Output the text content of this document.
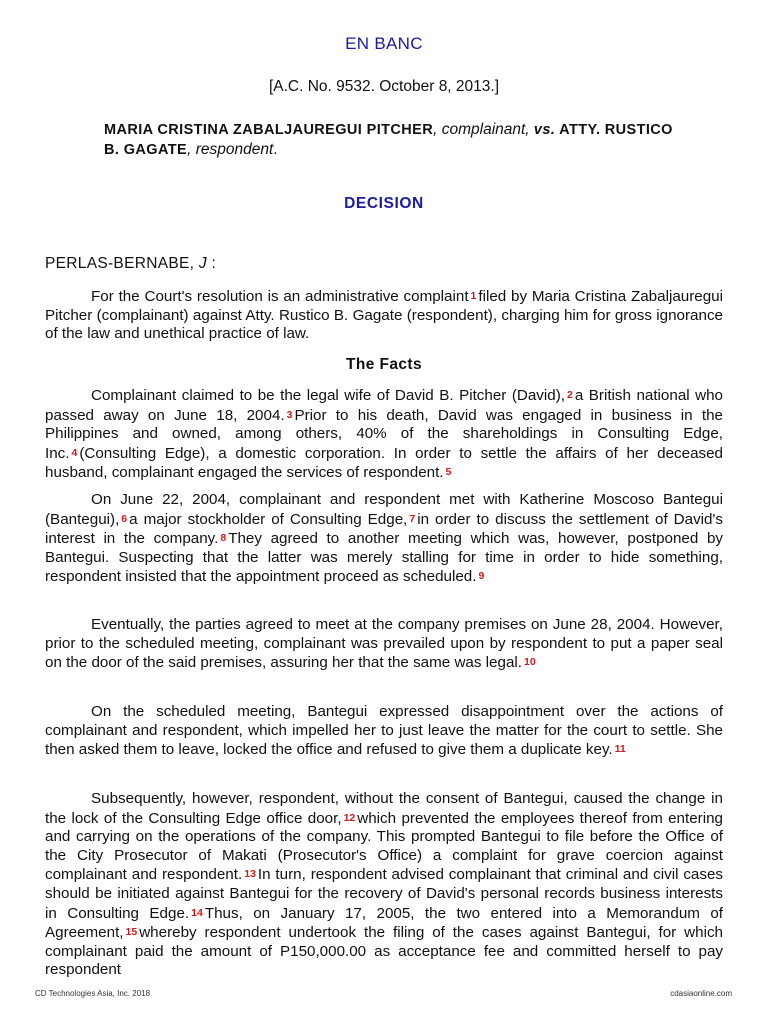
EN BANC
[A.C. No. 9532. October 8, 2013.]
MARIA CRISTINA ZABALJAUREGUI PITCHER, complainant, vs. ATTY. RUSTICO B. GAGATE, respondent.
DECISION
PERLAS-BERNABE, J :

For the Court's resolution is an administrative complaint 1 filed by Maria Cristina Zabaljauregui Pitcher (complainant) against Atty. Rustico B. Gagate (respondent), charging him for gross ignorance of the law and unethical practice of law.

The Facts

Complainant claimed to be the legal wife of David B. Pitcher (David), 2 a British national who passed away on June 18, 2004. 3 Prior to his death, David was engaged in business in the Philippines and owned, among others, 40% of the shareholdings in Consulting Edge, Inc. 4 (Consulting Edge), a domestic corporation. In order to settle the affairs of her deceased husband, complainant engaged the services of respondent. 5

On June 22, 2004, complainant and respondent met with Katherine Moscoso Bantegui (Bantegui), 6 a major stockholder of Consulting Edge, 7 in order to discuss the settlement of David's interest in the company. 8 They agreed to another meeting which was, however, postponed by Bantegui. Suspecting that the latter was merely stalling for time in order to hide something, respondent insisted that the appointment proceed as scheduled. 9

Eventually, the parties agreed to meet at the company premises on June 28, 2004. However, prior to the scheduled meeting, complainant was prevailed upon by respondent to put a paper seal on the door of the said premises, assuring her that the same was legal. 10

On the scheduled meeting, Bantegui expressed disappointment over the actions of complainant and respondent, which impelled her to just leave the matter for the court to settle. She then asked them to leave, locked the office and refused to give them a duplicate key. 11

Subsequently, however, respondent, without the consent of Bantegui, caused the change in the lock of the Consulting Edge office door, 12 which prevented the employees thereof from entering and carrying on the operations of the company. This prompted Bantegui to file before the Office of the City Prosecutor of Makati (Prosecutor's Office) a complaint for grave coercion against complainant and respondent. 13 In turn, respondent advised complainant that criminal and civil cases should be initiated against Bantegui for the recovery of David's personal records business interests in Consulting Edge. 14 Thus, on January 17, 2005, the two entered into a Memorandum of Agreement, 15 whereby respondent undertook the filing of the cases against Bantegui, for which complainant paid the amount of P150,000.00 as acceptance fee and committed herself to pay respondent

CD Technologies Asia, Inc. 2018	cdasiaonline.com
